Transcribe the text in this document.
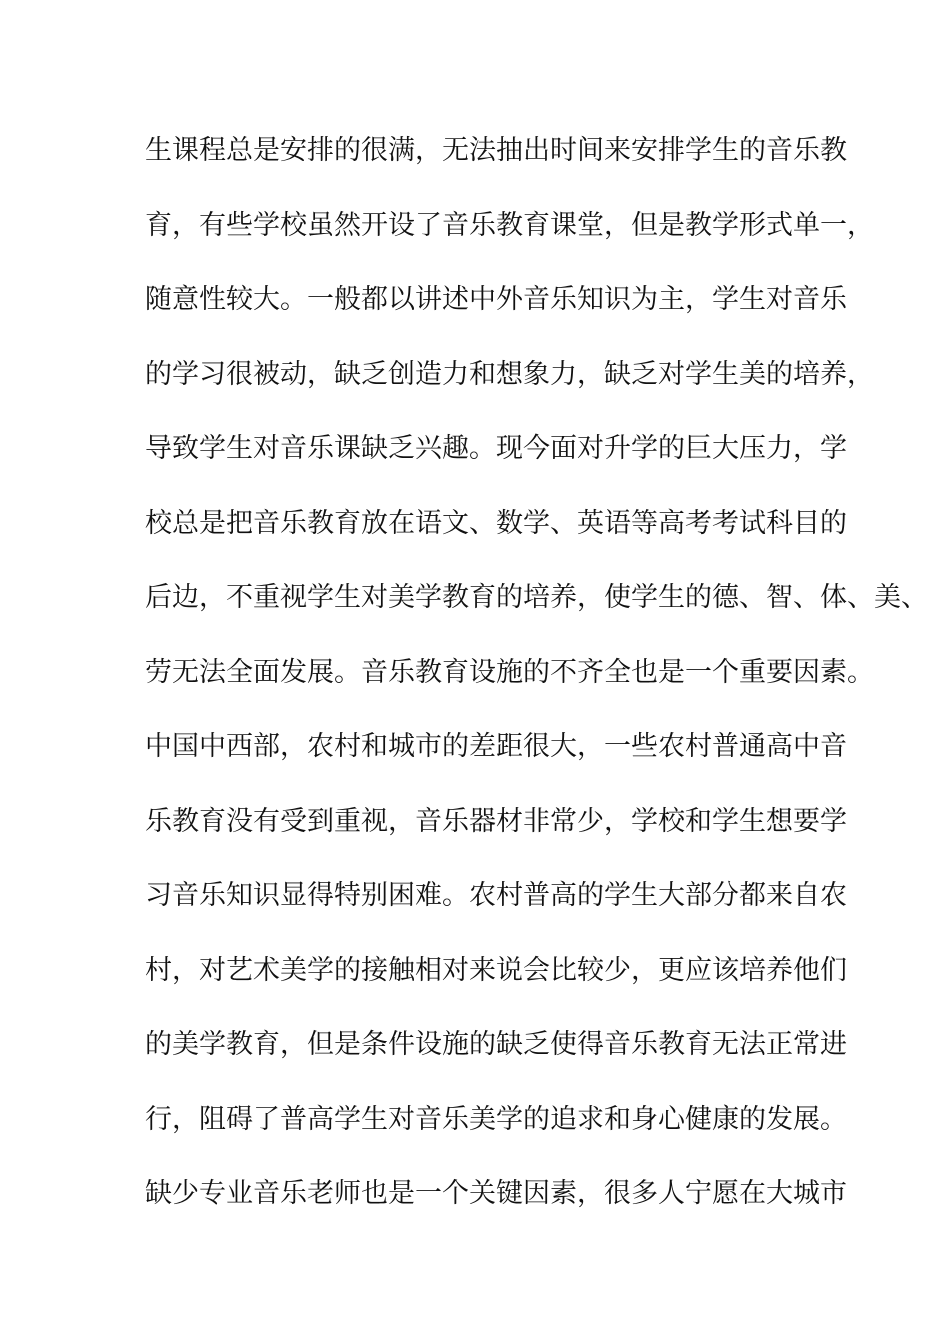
生课程总是安排的很满，无法抽出时间来安排学生的音乐教
育，有些学校虽然开设了音乐教育课堂，但是教学形式单一，
随意性较大。一般都以讲述中外音乐知识为主，学生对音乐
的学习很被动，缺乏创造力和想象力，缺乏对学生美的培养，
导致学生对音乐课缺乏兴趣。现今面对升学的巨大压力，学
校总是把音乐教育放在语文、数学、英语等高考考试科目的
后边，不重视学生对美学教育的培养，使学生的德、智、体、美、
劳无法全面发展。音乐教育设施的不齐全也是一个重要因素。
中国中西部，农村和城市的差距很大，一些农村普通高中音
乐教育没有受到重视，音乐器材非常少，学校和学生想要学
习音乐知识显得特别困难。农村普高的学生大部分都来自农
村，对艺术美学的接触相对来说会比较少，更应该培养他们
的美学教育，但是条件设施的缺乏使得音乐教育无法正常进
行，阻碍了普高学生对音乐美学的追求和身心健康的发展。
缺少专业音乐老师也是一个关键因素，很多人宁愿在大城市
